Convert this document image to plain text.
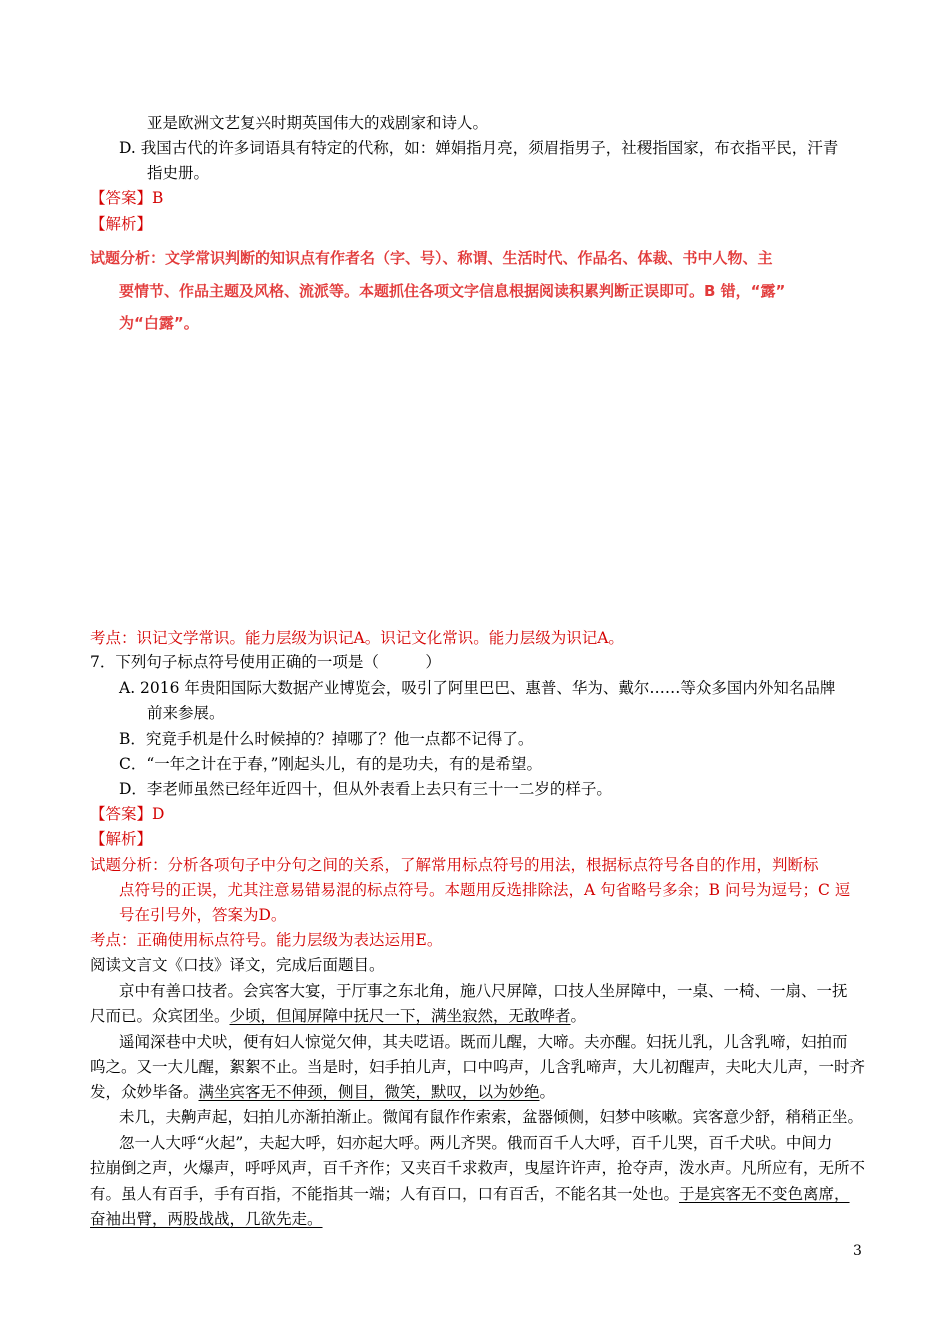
亚是欧洲文艺复兴时期英国伟大的戏剧家和诗人。
D. 我国古代的许多词语具有特定的代称，如：婵娟指月亮，须眉指男子，社稷指国家，布衣指平民，汗青
指史册。
【答案】B
【解析】
试题分析：文学常识判断的知识点有作者名（字、号）、称谓、生活时代、作品名、体裁、书中人物、主
要情节、作品主题及风格、流派等。本题抓住各项文字信息根据阅读积累判断正误即可。B 错，“露”
为“白露”。
考点：识记文学常识。能力层级为识记A。识记文化常识。能力层级为识记A。
7．下列句子标点符号使用正确的一项是（　　　）
A. 2016 年贵阳国际大数据产业博览会，吸引了阿里巴巴、惠普、华为、戴尔……等众多国内外知名品牌
前来参展。
B．究竟手机是什么时候掉的？掉哪了？他一点都不记得了。
C．“一年之计在于春，”刚起头儿，有的是功夫，有的是希望。
D．李老师虽然已经年近四十，但从外表看上去只有三十一二岁的样子。
【答案】D
【解析】
试题分析：分析各项句子中分句之间的关系，了解常用标点符号的用法，根据标点符号各自的作用，判断标
点符号的正误，尤其注意易错易混的标点符号。本题用反选排除法，A 句省略号多余；B 问号为逗号；C 逗
号在引号外，答案为D。
考点：正确使用标点符号。能力层级为表达运用E。
阅读文言文《口技》译文，完成后面题目。
京中有善口技者。会宾客大宴，于厅事之东北角，施八尺屏障，口技人坐屏障中，一桌、一椅、一扇、一抚
尺而已。众宾团坐。少顷，但闻屏障中抚尺一下，满坐寂然，无敢哗者。
遥闻深巷中犬吠，便有妇人惊觉欠伸，其夫呓语。既而儿醒，大啼。夫亦醒。妇抚儿乳，儿含乳啼，妇拍而
呜之。又一大儿醒，絮絮不止。当是时，妇手拍儿声，口中呜声，儿含乳啼声，大儿初醒声，夫叱大儿声，一时齐
发，众妙毕备。满坐宾客无不伸颈，侧目，微笑，默叹，以为妙绝。
未几，夫齁声起，妇拍儿亦渐拍渐止。微闻有鼠作作索索，盆器倾侧，妇梦中咳嗽。宾客意少舒，稍稍正坐。
忽一人大呼“火起”，夫起大呼，妇亦起大呼。两儿齐哭。俄而百千人大呼，百千儿哭，百千犬吠。中间力
拉崩倒之声，火爆声，呼呼风声，百千齐作；又夹百千求救声，曳屋许许声，抢夺声，泼水声。凡所应有，无所不
有。虽人有百手，手有百指，不能指其一端；人有百口，口有百舌，不能名其一处也。于是宾客无不变色离席，
奋袖出臂，两股战战，几欲先走。
3
